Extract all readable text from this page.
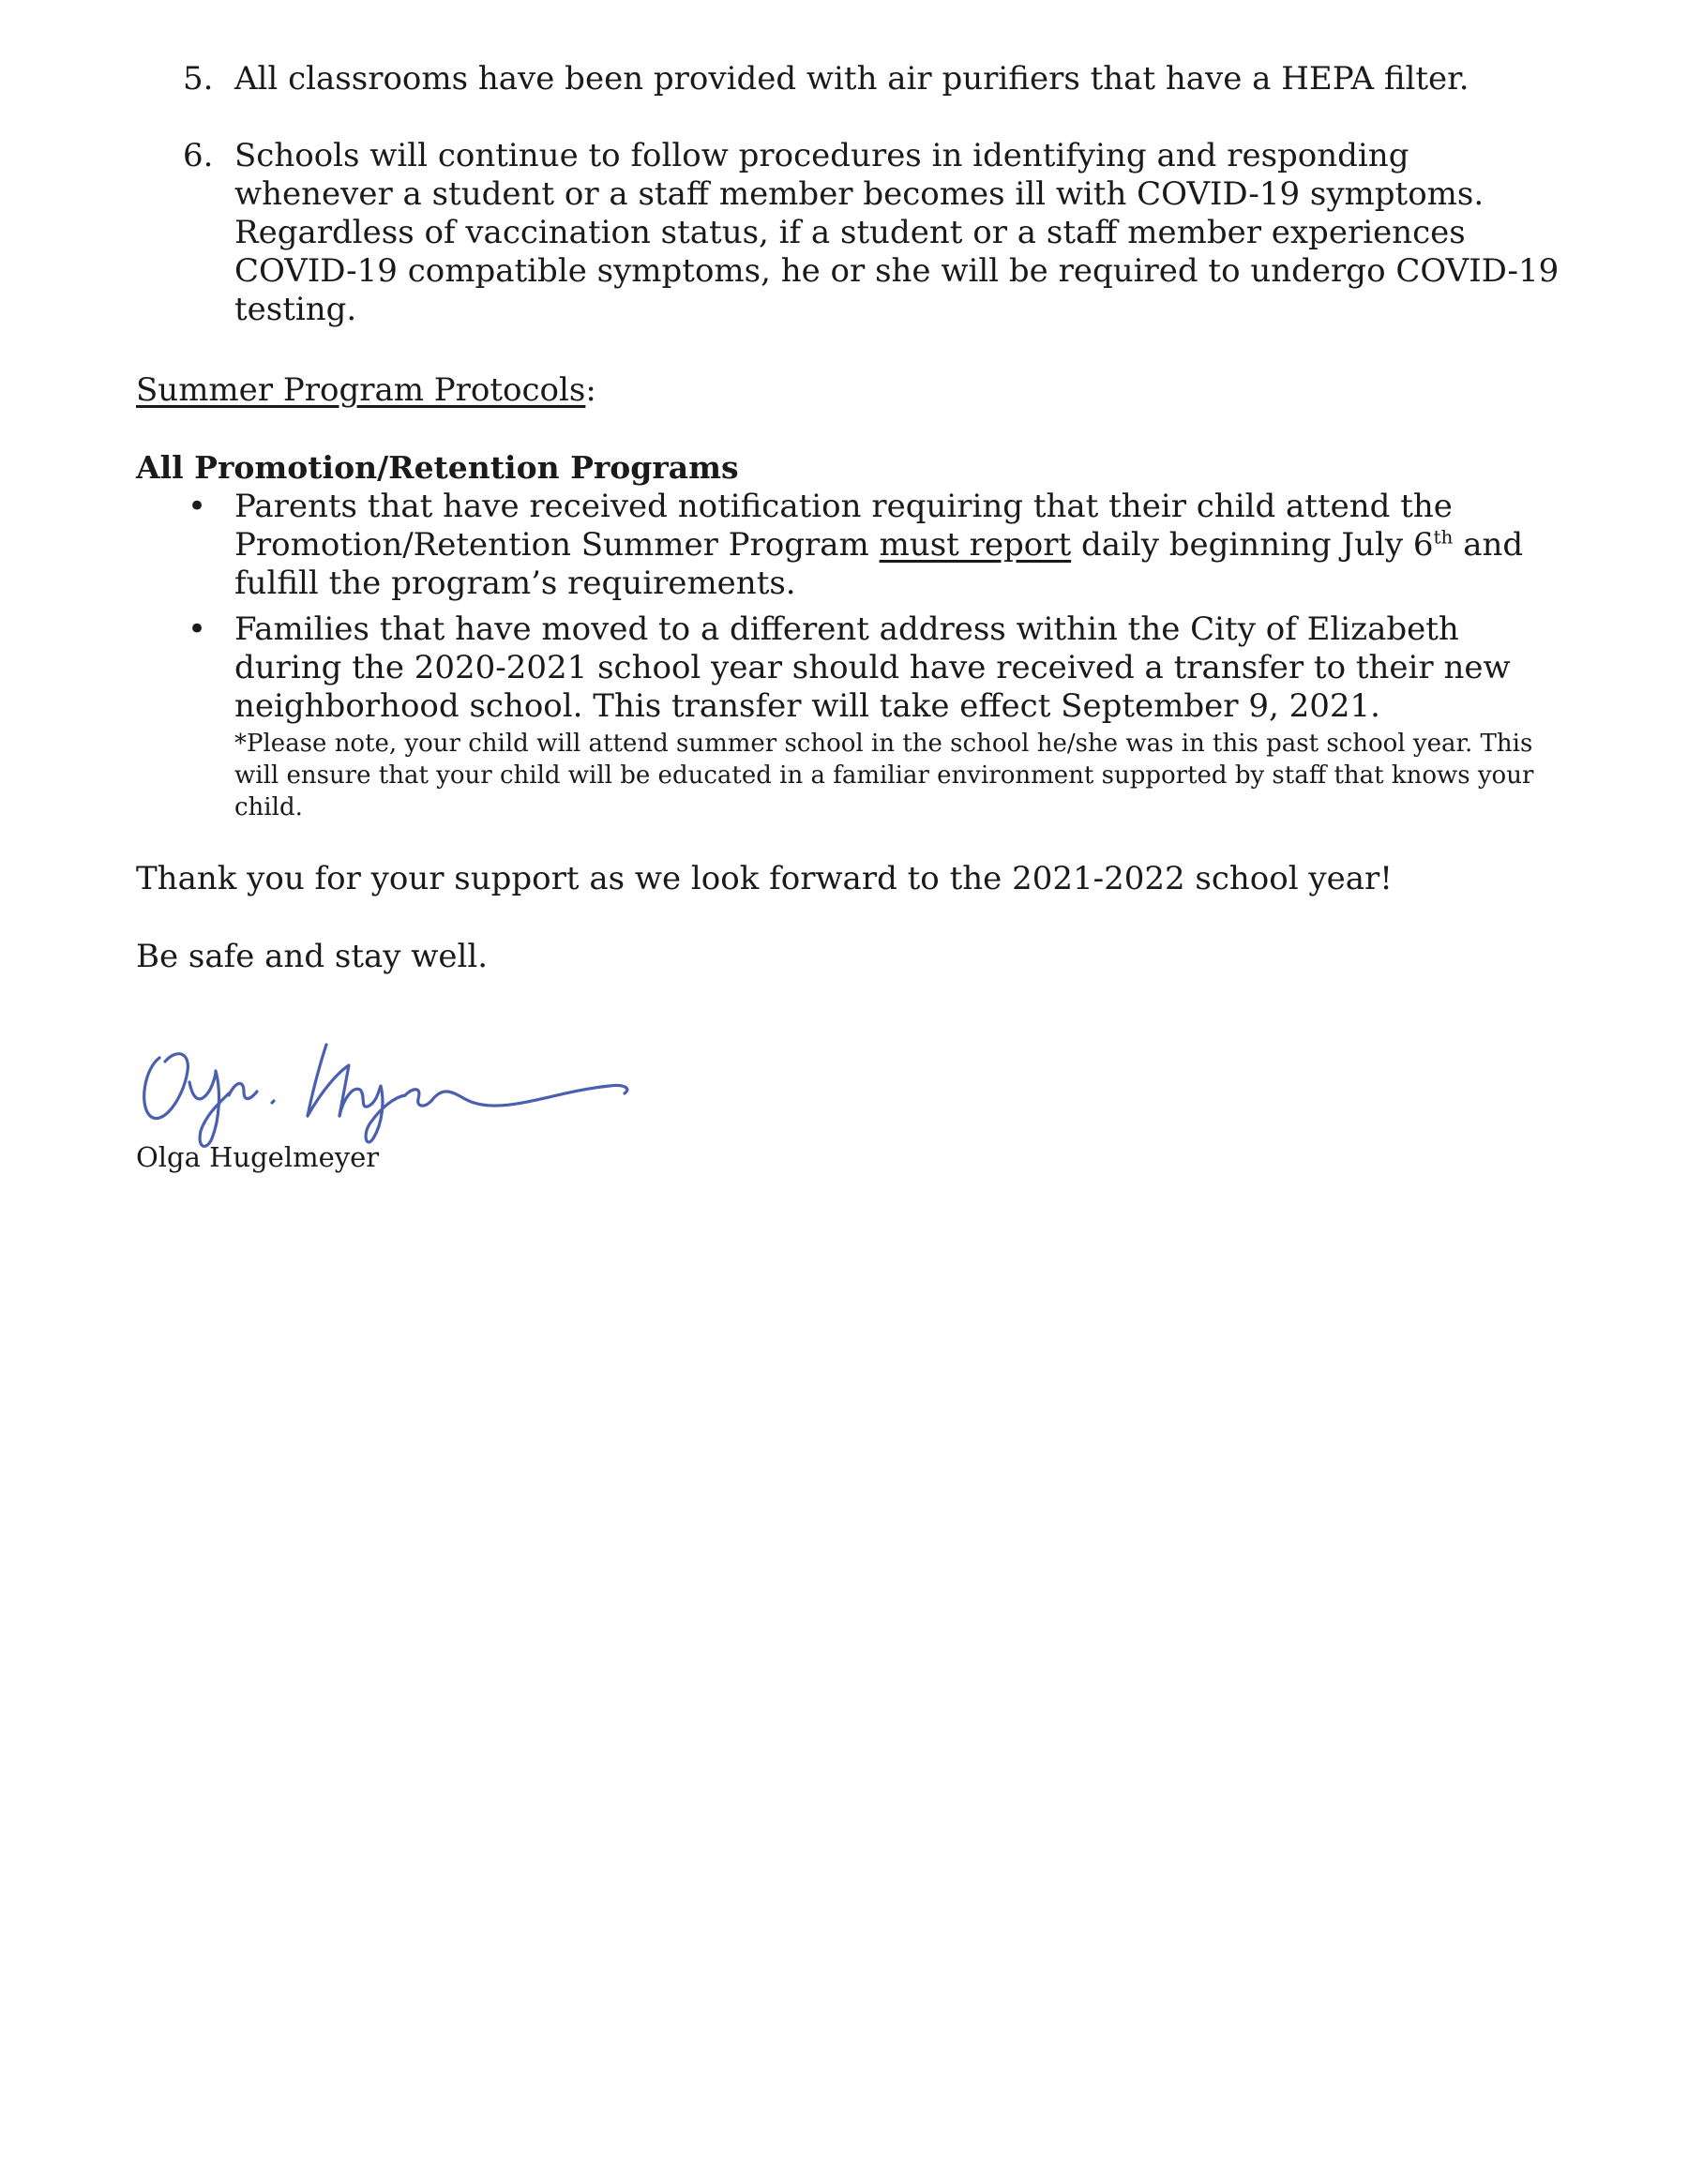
5. All classrooms have been provided with air purifiers that have a HEPA filter.
6. Schools will continue to follow procedures in identifying and responding whenever a student or a staff member becomes ill with COVID-19 symptoms. Regardless of vaccination status, if a student or a staff member experiences COVID-19 compatible symptoms, he or she will be required to undergo COVID-19 testing.
Summer Program Protocols:
All Promotion/Retention Programs
• Parents that have received notification requiring that their child attend the Promotion/Retention Summer Program must report daily beginning July 6th and fulfill the program’s requirements.
• Families that have moved to a different address within the City of Elizabeth during the 2020-2021 school year should have received a transfer to their new neighborhood school. This transfer will take effect September 9, 2021.
*Please note, your child will attend summer school in the school he/she was in this past school year. This will ensure that your child will be educated in a familiar environment supported by staff that knows your child.
Thank you for your support as we look forward to the 2021-2022 school year!
Be safe and stay well.
Olga Hugelmeyer
